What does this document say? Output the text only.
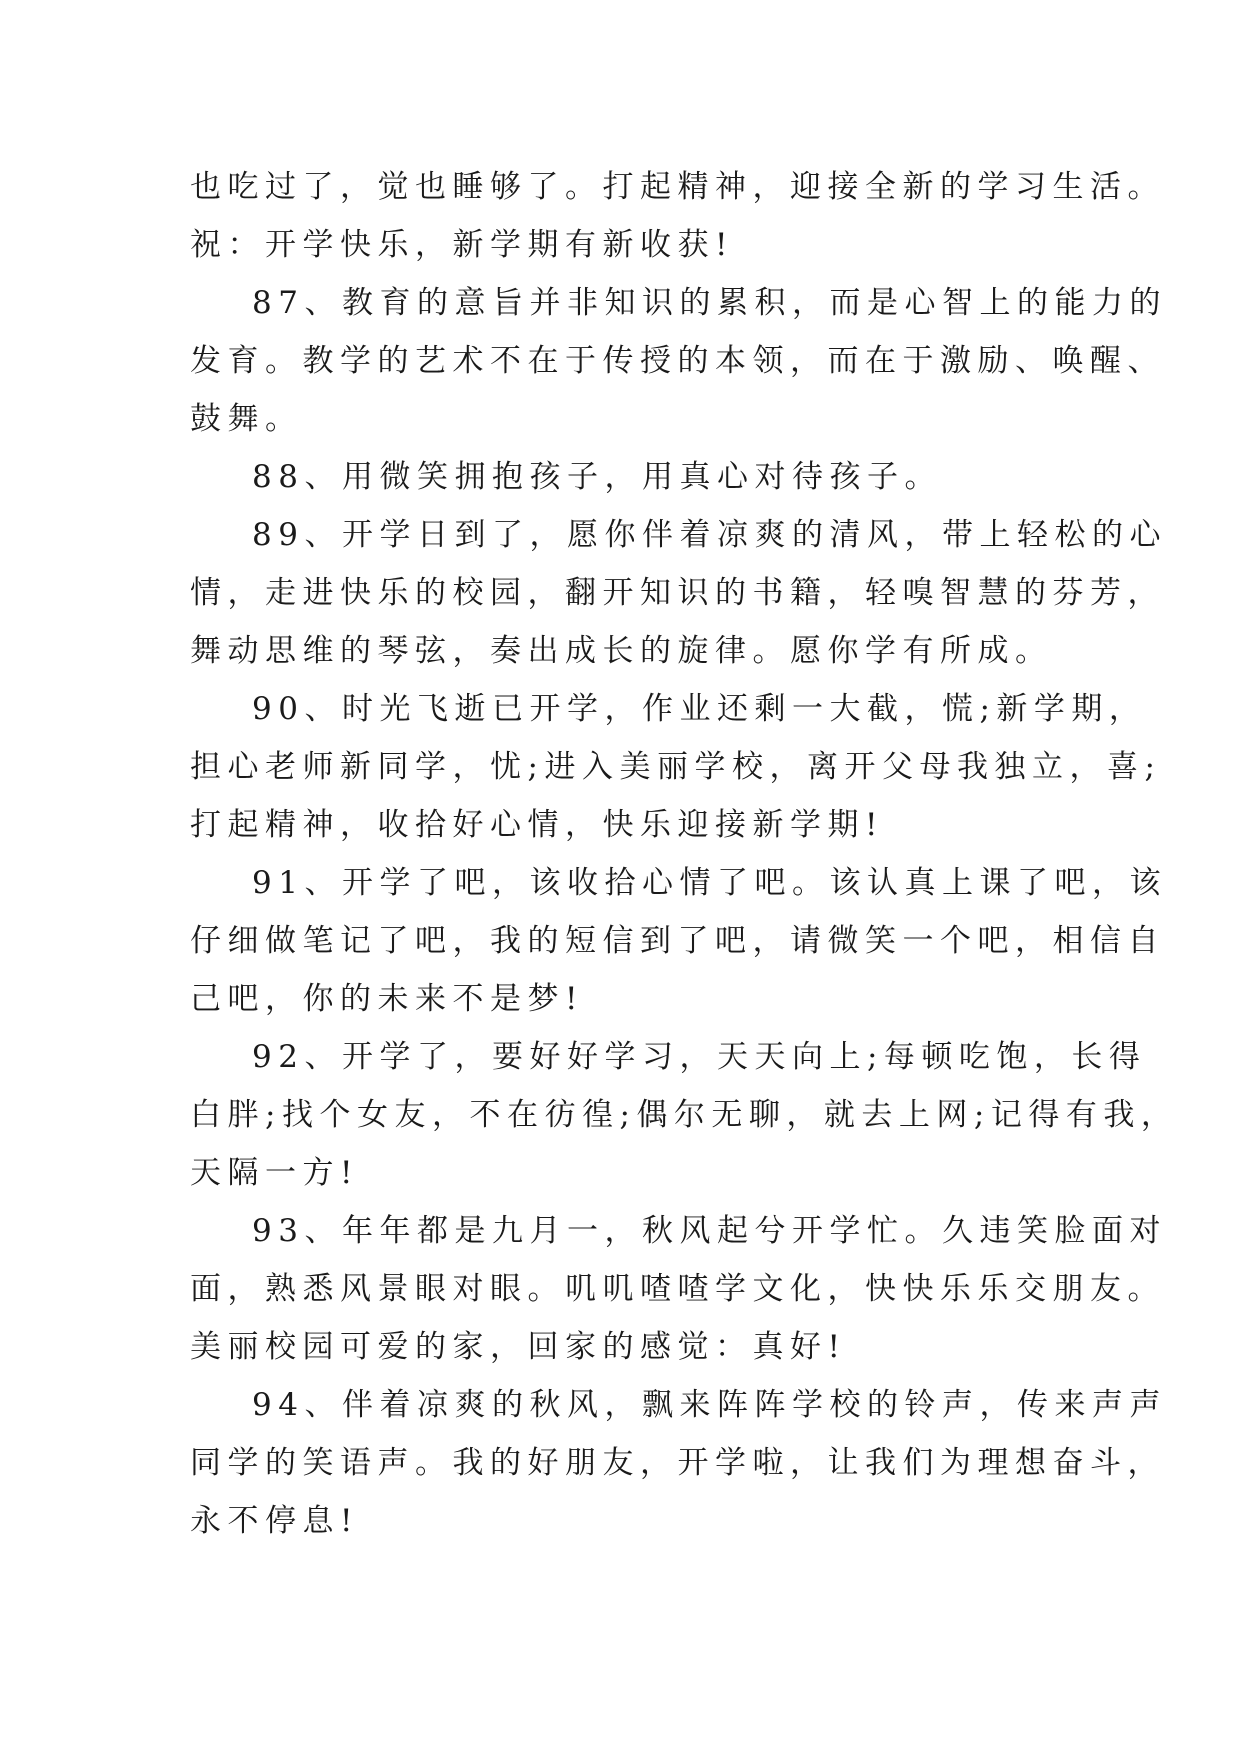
也吃过了，觉也睡够了。打起精神，迎接全新的学习生活。
祝：开学快乐，新学期有新收获!
87、教育的意旨并非知识的累积，而是心智上的能力的
发育。教学的艺术不在于传授的本领，而在于激励、唤醒、
鼓舞。
88、用微笑拥抱孩子，用真心对待孩子。
89、开学日到了，愿你伴着凉爽的清风，带上轻松的心
情，走进快乐的校园，翻开知识的书籍，轻嗅智慧的芬芳，
舞动思维的琴弦，奏出成长的旋律。愿你学有所成。
90、时光飞逝已开学，作业还剩一大截，慌;新学期，
担心老师新同学，忧;进入美丽学校，离开父母我独立，喜;
打起精神，收拾好心情，快乐迎接新学期!
91、开学了吧，该收拾心情了吧。该认真上课了吧，该
仔细做笔记了吧，我的短信到了吧，请微笑一个吧，相信自
己吧，你的未来不是梦!
92、开学了，要好好学习，天天向上;每顿吃饱，长得
白胖;找个女友，不在彷徨;偶尔无聊，就去上网;记得有我，
天隔一方!
93、年年都是九月一，秋风起兮开学忙。久违笑脸面对
面，熟悉风景眼对眼。叽叽喳喳学文化，快快乐乐交朋友。
美丽校园可爱的家，回家的感觉：真好!
94、伴着凉爽的秋风，飘来阵阵学校的铃声，传来声声
同学的笑语声。我的好朋友，开学啦，让我们为理想奋斗，
永不停息!
